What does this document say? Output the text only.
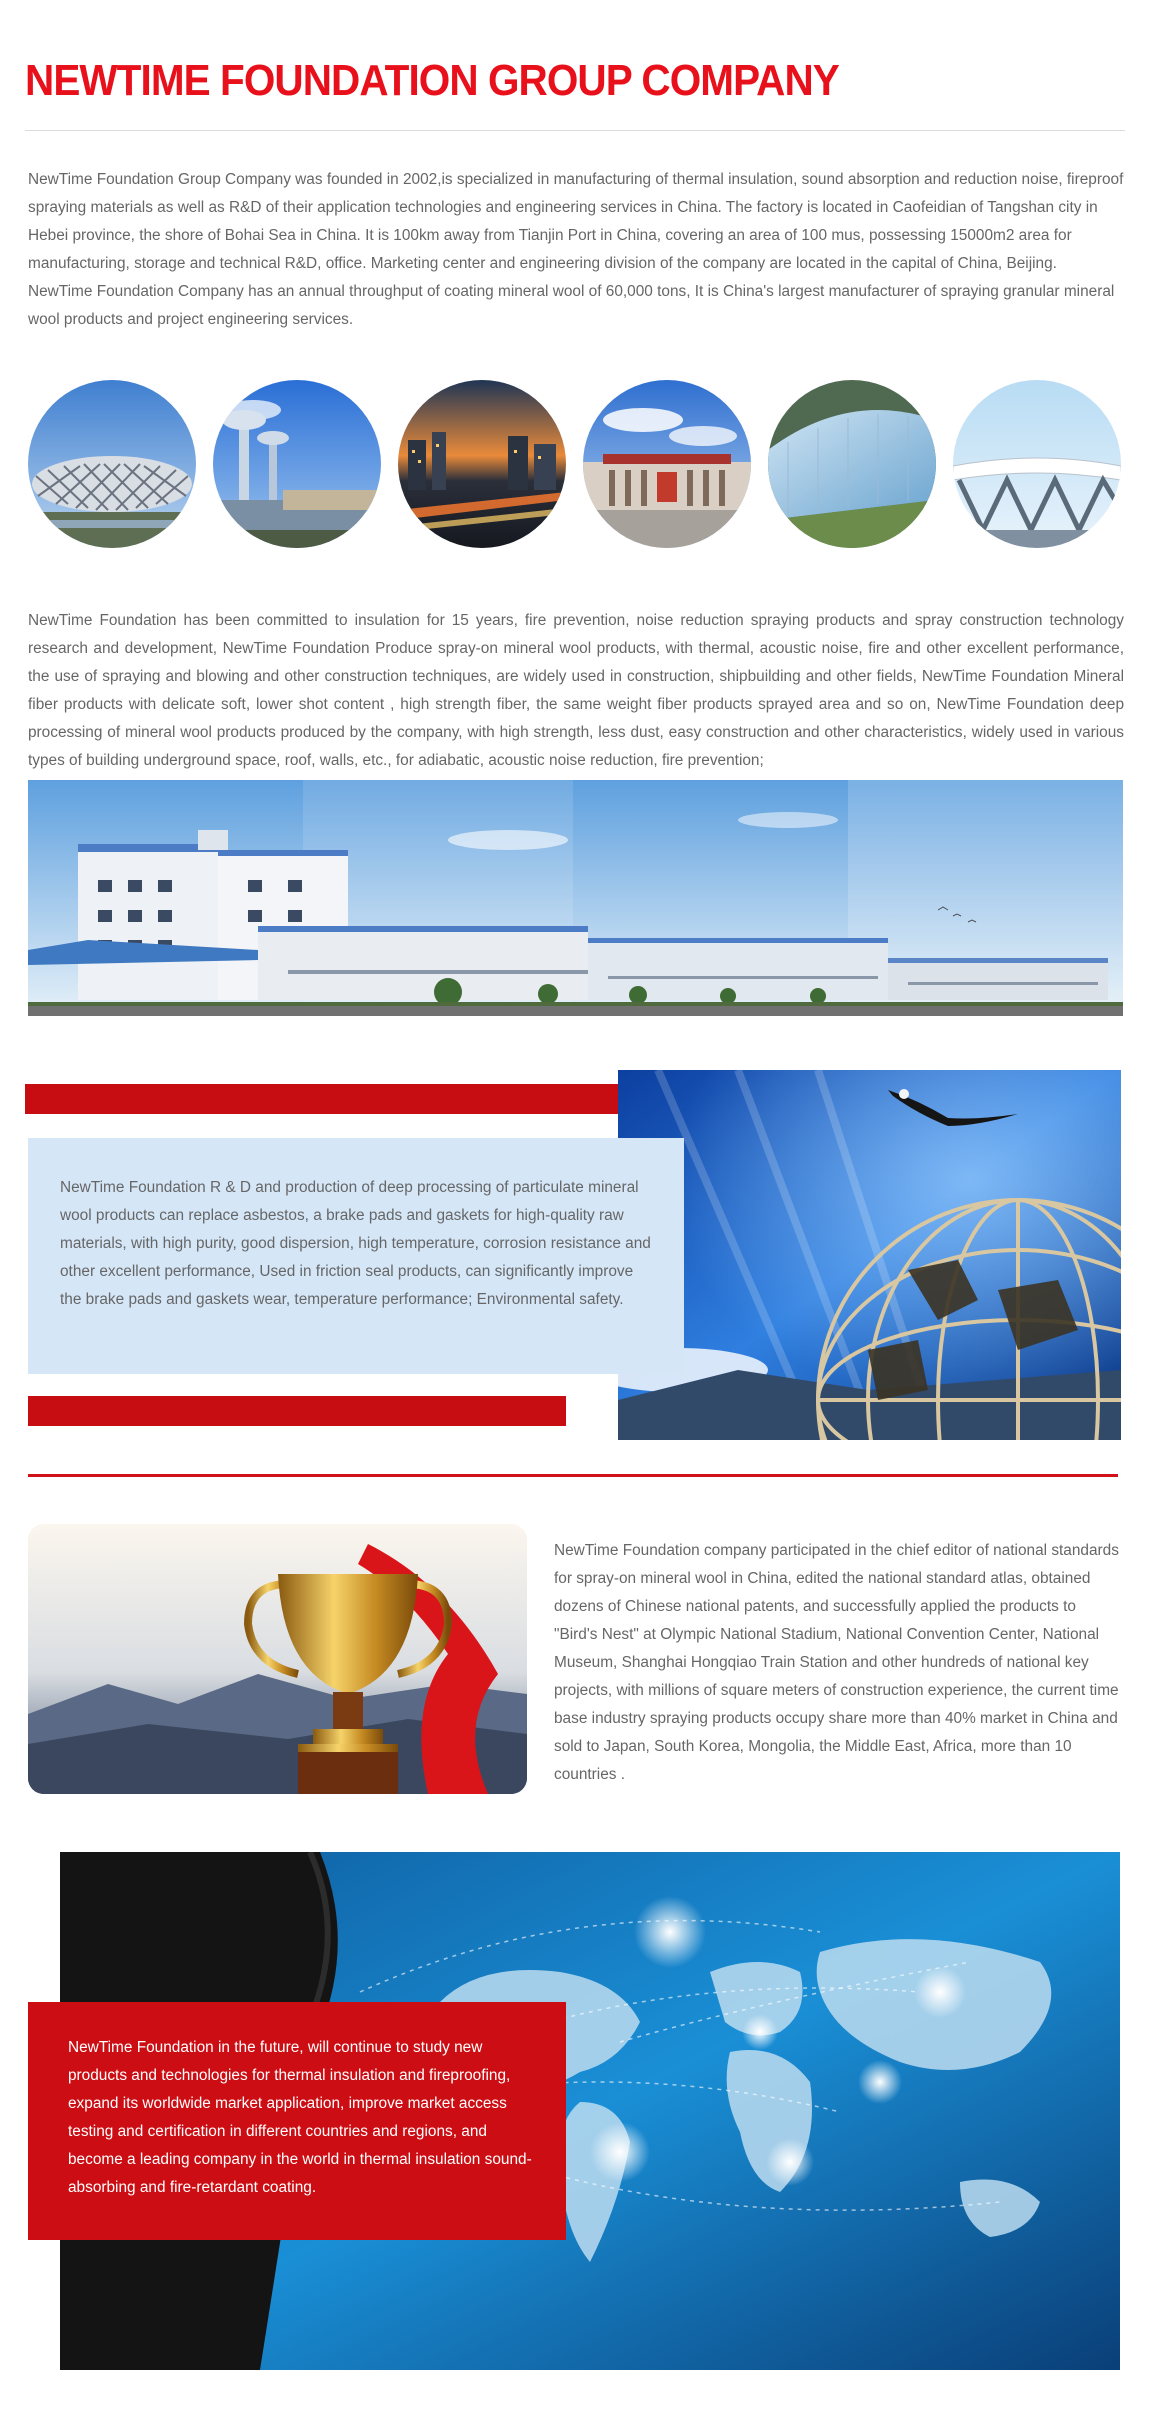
NEWTIME FOUNDATION GROUP COMPANY

NewTime Foundation Group Company was founded in 2002,is specialized in manufacturing of thermal insulation, sound absorption and reduction noise, fireproof spraying materials as well as R&D of their application technologies and engineering services in China. The factory is located in Caofeidian of Tangshan city in Hebei province, the shore of Bohai Sea in China. It is 100km away from Tianjin Port in China, covering an area of 100 mus, possessing 15000m2 area for manufacturing, storage and technical R&D, office. Marketing center and engineering division of the company are located in the capital of China, Beijing. NewTime Foundation Company has an annual throughput of coating mineral wool of 60,000 tons, It is China's largest manufacturer of spraying granular mineral wool products and project engineering services.

NewTime Foundation has been committed to insulation for 15 years, fire prevention, noise reduction spraying products and spray construction technology research and development, NewTime Foundation Produce spray-on mineral wool products, with thermal, acoustic noise, fire and other excellent performance, the use of spraying and blowing and other construction techniques, are widely used in construction, shipbuilding and other fields, NewTime Foundation Mineral fiber products with delicate soft, lower shot content , high strength fiber, the same weight fiber products sprayed area and so on, NewTime Foundation deep processing of mineral wool products produced by the company, with high strength, less dust, easy construction and other characteristics, widely used in various types of building underground space, roof, walls, etc., for adiabatic, acoustic noise reduction, fire prevention;

NewTime Foundation R & D and production of deep processing of particulate mineral wool products can replace asbestos, a brake pads and gaskets for high-quality raw materials, with high purity, good dispersion, high temperature, corrosion resistance and other excellent performance, Used in friction seal products, can significantly improve the brake pads and gaskets wear, temperature performance; Environmental safety.

NewTime Foundation company participated in the chief editor of national standards for spray-on mineral wool in China, edited the national standard atlas, obtained dozens of Chinese national patents, and successfully applied the products to "Bird's Nest" at Olympic National Stadium, National Convention Center, National Museum, Shanghai Hongqiao Train Station and other hundreds of national key projects, with millions of square meters of construction experience, the current time base industry spraying products occupy share more than 40% market in China and sold to Japan, South Korea, Mongolia, the Middle East, Africa, more than 10 countries .

NewTime Foundation in the future, will continue to study new products and technologies for thermal insulation and fireproofing, expand its worldwide market application, improve market access testing and certification in different countries and regions, and become a leading company in the world in thermal insulation sound-absorbing and fire-retardant coating.
